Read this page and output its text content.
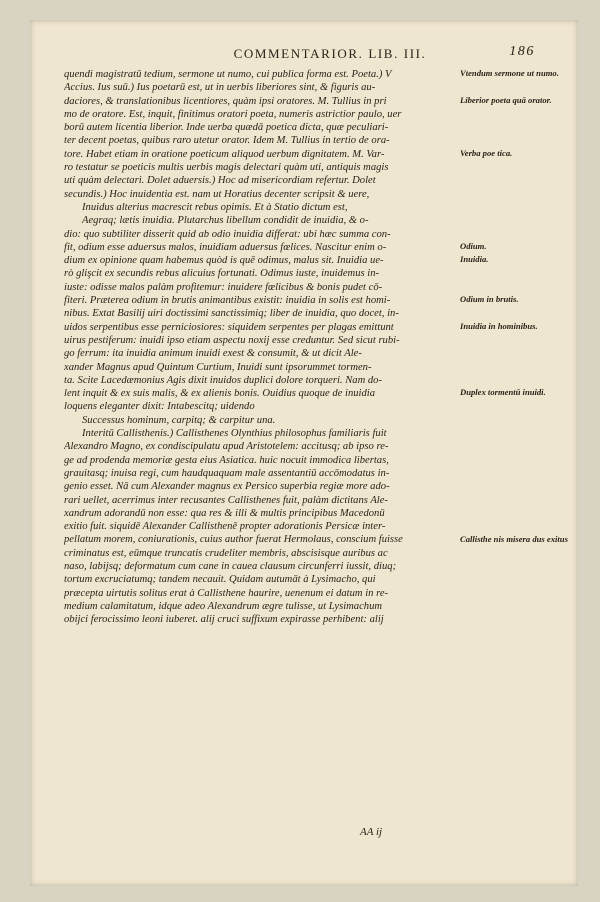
COMMENTARIOR. LIB. III.	186
quendi magistratū tedium, sermone ut numo, cui publica forma est. Poeta.) V
Accius. Ius suū.) Ius poetarū est, ut in uerbis liberiores sint, & figuris au-
daciores, & translationibus licentiores, quàm ipsi oratores. M. Tullius in pri
mo de oratore. Est, inquit, finitimus oratori poeta, numeris astrictior paulo, uer
borū autem licentia liberior. Inde uerba quædā poetica dicta, quæ peculiari-
ter decent poetas, quibus raro utetur orator. Idem M. Tullius in tertio de ora-
tore. Habet etiam in oratione poeticum aliquod uerbum dignitatem. M. Var-
ro testatur se poeticis multis uerbis magis delectari quàm uti, antiquis magis
uti quàm delectari. Dolet aduersis.) Hoc ad misericordiam refertur. Dolet
secundis.) Hoc inuidentia est. nam ut Horatius decenter scripsit & uere,
Inuidus alterius macrescit rebus opimis. Et à Statio dictum est,
Aegraq; lætis inuidia. Plutarchus libellum condidit de inuidia, & o-
dio: quo subtiliter disserit quid ab odio inuidia differat: ubi hæc summa con-
fit, odium esse aduersus malos, inuidiam aduersus fœlices. Nascitur enim o-
dium ex opinione quam habemus quòd is quē odimus, malus sit. Inuidia ue-
rò glişcit ex secundis rebus alicuius fortunati. Odimus iuste, inuidemus in-
iuste: odisse malos palàm profitemur: inuidere fœlicibus & bonis pudet cō-
fiteri. Præterea odium in brutis animantibus existit: inuidia in solis est homi-
nibus. Extat Basilij uiri doctissimi sanctissimiq; liber de inuidia, quo docet, in-
uidos serpentibus esse perniciosiores: siquidem serpentes per plagas emittunt
uirus pestiferum: inuidi ipso etiam aspectu noxij esse creduntur. Sed sicut rubi-
go ferrum: ita inuidia animum inuidi exest & consumit, & ut dicit Ale-
xander Magnus apud Quintum Curtium, Inuidi sunt ipsorummet tormen-
ta. Scite Lacedæmonius Agis dixit inuidos duplici dolore torqueri. Nam do-
lent inquit & ex suis malis, & ex alienis bonis. Ouidius quoque de inuidia
loquens eleganter dixit: Intabescitq; uidendo
Successus hominum, carpitq; & carpitur una.
Interitū Callisthenis.) Callisthenes Olynthius philosophus familiaris fuit
Alexandro Magno, ex condiscipulatu apud Aristotelem: accitusq; ab ipso re-
ge ad prodenda memoriæ gesta eius Asiatica. huic nocuit immodica libertas,
grauitasq; inuisa regi, cum haudquaquam male assentantiū accōmodatus in-
genio esset. Nā cum Alexander magnus ex Persico superbia regiæ more ado-
rari uellet, acerrimus inter recusantes Callisthenes fuit, palàm dictitans Ale-
xandrum adorandū non esse: qua res & illi & multis principibus Macedonū
exitio fuit. siquidē Alexander Callisthenē propter adorationis Persicæ inter-
pellatum morem, coniurationis, cuius author fuerat Hermolaus, conscium fuisse
criminatus est, eūmque truncatis crudeliter membris, abscisisque auribus ac
naso, labijsq; deformatum cum cane in cauea clausum circunferri iussit, diuq;
tortum excruciatumq; tandem necauit. Quidam autumāt à Lysimacho, qui
præcepta uirtutis solitus erat à Callisthene haurire, uenenum ei datum in re-
medium calamitatum, idque adeo Alexandrum ægre tulisse, ut Lysimachum
obijci ferocissimo leoni iuberet. alij cruci suffixum expirasse perhibent: alij
Vtendum sermone ut numo.
Liberior poeta quā orator.
Verba poe tica.
Odium.
Inuidia.
Odium in brutis.
Inuidia in hominibus.
Duplex tormentū inuidi.
Callisthe nis misera dus exitus
AA ij
